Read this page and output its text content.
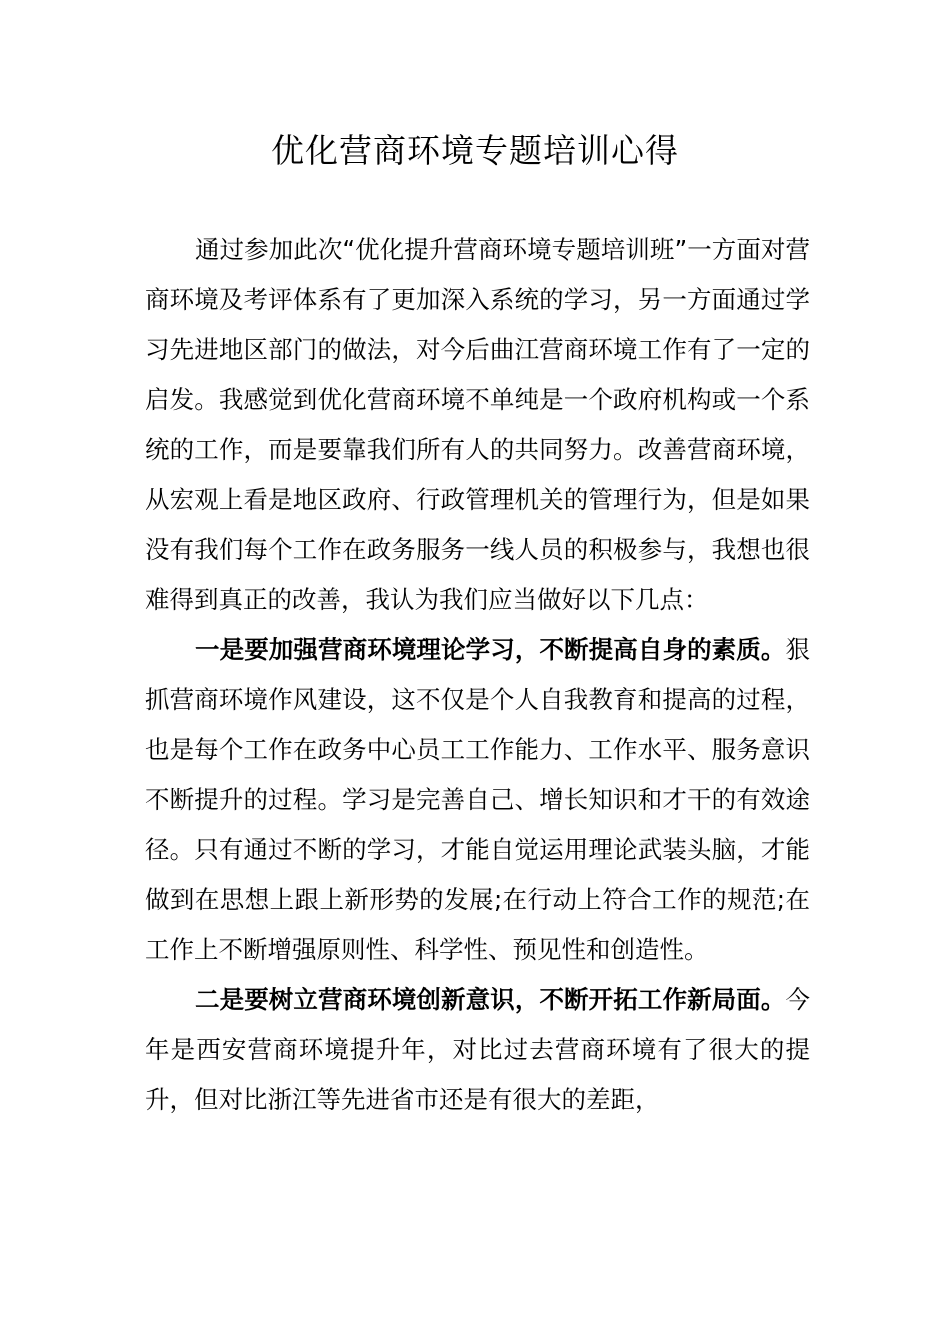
优化营商环境专题培训心得

通过参加此次“优化提升营商环境专题培训班”一方面对营商环境及考评体系有了更加深入系统的学习，另一方面通过学习先进地区部门的做法，对今后曲江营商环境工作有了一定的启发。我感觉到优化营商环境不单纯是一个政府机构或一个系统的工作，而是要靠我们所有人的共同努力。改善营商环境，从宏观上看是地区政府、行政管理机关的管理行为，但是如果没有我们每个工作在政务服务一线人员的积极参与，我想也很难得到真正的改善，我认为我们应当做好以下几点：

一是要加强营商环境理论学习，不断提高自身的素质。狠抓营商环境作风建设，这不仅是个人自我教育和提高的过程，也是每个工作在政务中心员工工作能力、工作水平、服务意识不断提升的过程。学习是完善自己、增长知识和才干的有效途径。只有通过不断的学习，才能自觉运用理论武装头脑，才能做到在思想上跟上新形势的发展;在行动上符合工作的规范;在工作上不断增强原则性、科学性、预见性和创造性。

二是要树立营商环境创新意识，不断开拓工作新局面。今年是西安营商环境提升年，对比过去营商环境有了很大的提升，但对比浙江等先进省市还是有很大的差距，
